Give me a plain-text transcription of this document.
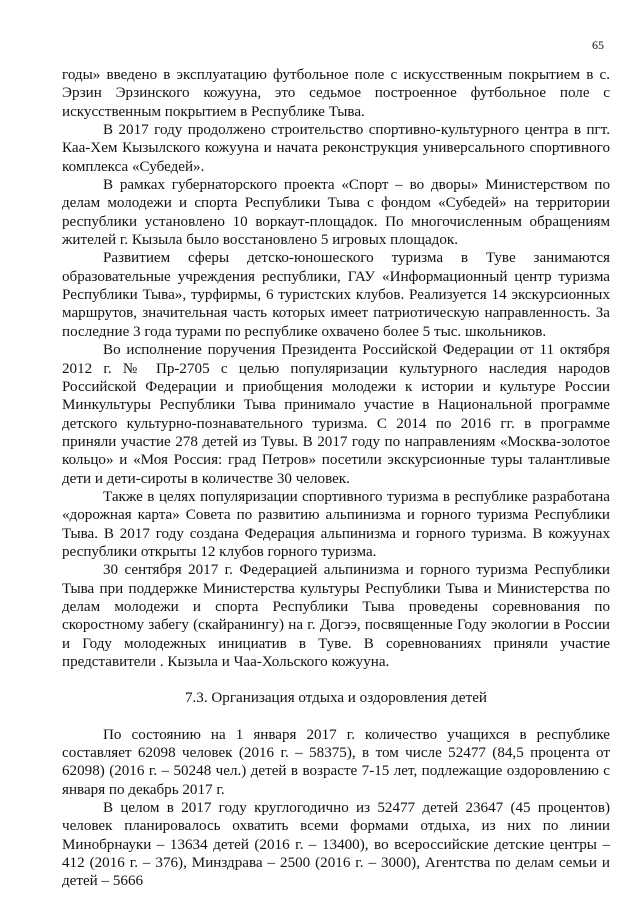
65

годы» введено в эксплуатацию футбольное поле с искусственным покрытием в с. Эрзин Эрзинского кожууна, это седьмое построенное футбольное поле с искусственным покрытием в Республике Тыва.

В 2017 году продолжено строительство спортивно-культурного центра в пгт. Каа-Хем Кызылского кожууна и начата реконструкция универсального спортивного комплекса «Субедей».

В рамках губернаторского проекта «Спорт – во дворы» Министерством по делам молодежи и спорта Республики Тыва с фондом «Субедей» на территории республики установлено 10 воркаут-площадок. По многочисленным обращениям жителей г. Кызыла было восстановлено 5 игровых площадок.

Развитием сферы детско-юношеского туризма в Туве занимаются образовательные учреждения республики, ГАУ «Информационный центр туризма Республики Тыва», турфирмы, 6 туристских клубов. Реализуется 14 экскурсионных маршрутов, значительная часть которых имеет патриотическую направленность. За последние 3 года турами по республике охвачено более 5 тыс. школьников.

Во исполнение поручения Президента Российской Федерации от 11 октября 2012 г. № Пр-2705 с целью популяризации культурного наследия народов Российской Федерации и приобщения молодежи к истории и культуре России Минкультуры Республики Тыва принимало участие в Национальной программе детского культурно-познавательного туризма. С 2014 по 2016 гг. в программе приняли участие 278 детей из Тувы. В 2017 году по направлениям «Москва-золотое кольцо» и «Моя Россия: град Петров» посетили экскурсионные туры талантливые дети и дети-сироты в количестве 30 человек.

Также в целях популяризации спортивного туризма в республике разработана «дорожная карта» Совета по развитию альпинизма и горного туризма Республики Тыва. В 2017 году создана Федерация альпинизма и горного туризма. В кожуунах республики открыты 12 клубов горного туризма.

30 сентября 2017 г. Федерацией альпинизма и горного туризма Республики Тыва при поддержке Министерства культуры Республики Тыва и Министерства по делам молодежи и спорта Республики Тыва проведены соревнования по скоростному забегу (скайранингу) на г. Догээ, посвященные Году экологии в России и Году молодежных инициатив в Туве. В соревнованиях приняли участие представители . Кызыла и Чаа-Хольского кожууна.

7.3. Организация отдыха и оздоровления детей

По состоянию на 1 января 2017 г. количество учащихся в республике составляет 62098 человек (2016 г. – 58375), в том числе 52477 (84,5 процента от 62098) (2016 г. – 50248 чел.) детей в возрасте 7-15 лет, подлежащие оздоровлению с января по декабрь 2017 г.

В целом в 2017 году круглогодично из 52477 детей 23647 (45 процентов) человек планировалось охватить всеми формами отдыха, из них по линии Минобрнауки – 13634 детей (2016 г. – 13400), во всероссийские детские центры – 412 (2016 г. – 376), Минздрава – 2500 (2016 г. – 3000), Агентства по делам семьи и детей – 5666
